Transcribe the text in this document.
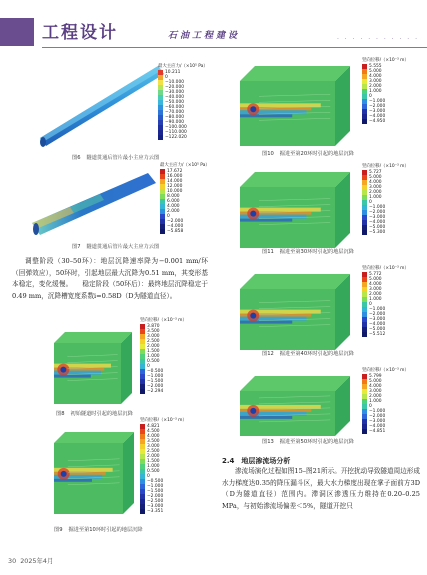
工程设计	石油工程建设	· · · · · · · · · · ·
最大主应力/（×10⁵ Pa）
10.211
0
−10.000
−20.000
−30.000
−40.000
−50.000
−60.000
−70.000
−80.000
−90.000
−100.000
−110.000
−122.020
图6 隧道贯通后管片最小主应力云图
最大主应力/（×10⁵ Pa）
17.672
16.000
14.000
12.000
10.000
8.000
6.000
4.000
2.000
0
−2.000
−4.000
−5.858
图7 隧道贯通后管片最大主应力云图
调整阶段（30–50环）：地层沉降速率降为−0.001 mm/环（回弹效应），50环时，引起地层最大沉降为0.51 mm，其变形基本稳定，变化缓慢。　　稳定阶段（50环后）：最终地层沉降稳定于0.49 mm，沉降槽宽度系数i=0.58D（D为隧道直径）。
竖向位移/（×10⁻³ m）
3.870
3.500
3.000
2.500
2.000
1.500
1.000
0.500
0
−0.500
−1.000
−1.500
−2.000
−2.294
图8 初始隧道时引起的地层沉降
竖向位移/（×10⁻³ m）
4.821
4.500
4.000
3.500
3.000
2.500
2.000
1.500
1.000
0.500
0
−0.500
−1.000
−1.500
−2.000
−2.500
−3.000
−3.351
图9 掘进至第10环时引起的地层沉降
竖向位移/（×10⁻³ m）
5.555
5.000
4.000
3.000
2.000
1.000
0
−1.000
−2.000
−3.000
−4.000
−4.950
图10 掘进至第20环时引起的地层沉降
竖向位移/（×10⁻³ m）
5.727
5.000
4.000
3.000
2.000
1.000
0
−1.000
−2.000
−3.000
−4.000
−5.000
−5.300
图11 掘进至第30环时引起的地层沉降
竖向位移/（×10⁻³ m）
5.772
5.000
4.000
3.000
2.000
1.000
0
−1.000
−2.000
−3.000
−4.000
−5.000
−5.512
图12 掘进至第40环时引起的地层沉降
竖向位移/（×10⁻³ m）
5.799
5.000
4.000
3.000
2.000
1.000
0
−1.000
−2.000
−3.000
−4.000
−4.851
图13 掘进至第50环时引起的地层沉降
2.4　地层渗流场分析
渗流场演化过程如图15–图21所示。开挖扰动导致隧道周边形成水力梯度达0.35的降压漏斗区，最大水力梯度出现在掌子面前方3D（D为隧道直径）范围内。滞洞区渗透压力维持在0.20–0.25 MPa，与初始渗流场偏差＜5%，隧道开挖只
30 2025年4月
